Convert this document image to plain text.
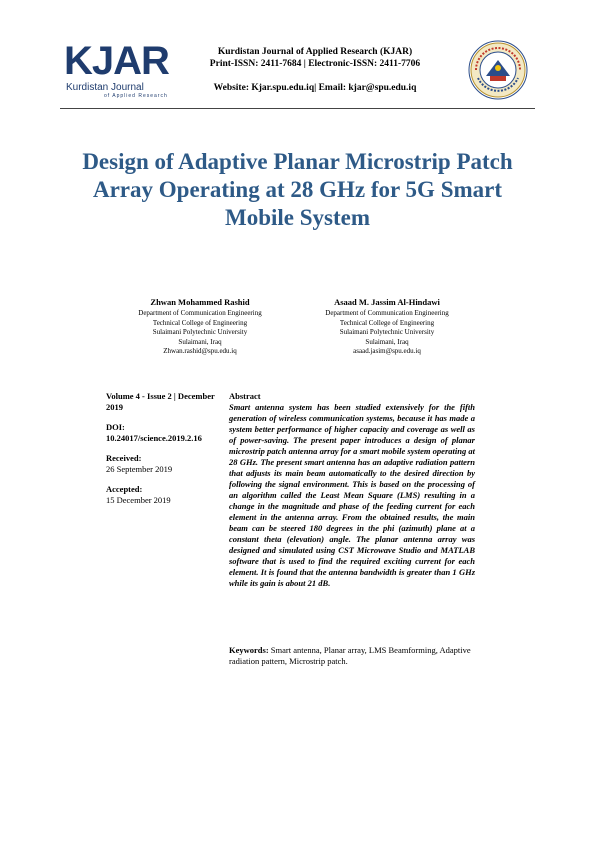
KJAR
Kurdistan Journal
of Applied Research
Kurdistan Journal of Applied Research (KJAR)
Print-ISSN: 2411-7684 | Electronic-ISSN: 2411-7706
Website: Kjar.spu.edu.iq| Email: kjar@spu.edu.iq
Design of Adaptive Planar Microstrip Patch Array Operating at 28 GHz for 5G Smart Mobile System
Zhwan Mohammed Rashid
Department of Communication Engineering
Technical College of Engineering
Sulaimani Polytechnic University
Sulaimani, Iraq
Zhwan.rashid@spu.edu.iq
Asaad M. Jassim Al-Hindawi
Department of Communication Engineering
Technical College of Engineering
Sulaimani Polytechnic University
Sulaimani, Iraq
asaad.jasim@spu.edu.iq
Volume 4 - Issue 2 | December 2019
DOI:
10.24017/science.2019.2.16
Received:
26 September 2019
Accepted:
15 December 2019
Abstract
Smart antenna system has been studied extensively for the fifth generation of wireless communication systems, because it has made a system better performance of higher capacity and coverage as well as of power-saving. The present paper introduces a design of planar microstrip patch antenna array for a smart mobile system operating at 28 GHz. The present smart antenna has an adaptive radiation pattern that adjusts its main beam automatically to the desired direction by following the signal environment. This is based on the processing of an algorithm called the Least Mean Square (LMS) resulting in a change in the magnitude and phase of the feeding current for each element in the antenna array. From the obtained results, the main beam can be steered 180 degrees in the phi (azimuth) plane at a constant theta (elevation) angle. The planar antenna array was designed and simulated using CST Microwave Studio and MATLAB software that is used to find the required exciting current for each element. It is found that the antenna bandwidth is greater than 1 GHz while its gain is about 21 dB.
Keywords: Smart antenna, Planar array, LMS Beamforming, Adaptive radiation pattern, Microstrip patch.
